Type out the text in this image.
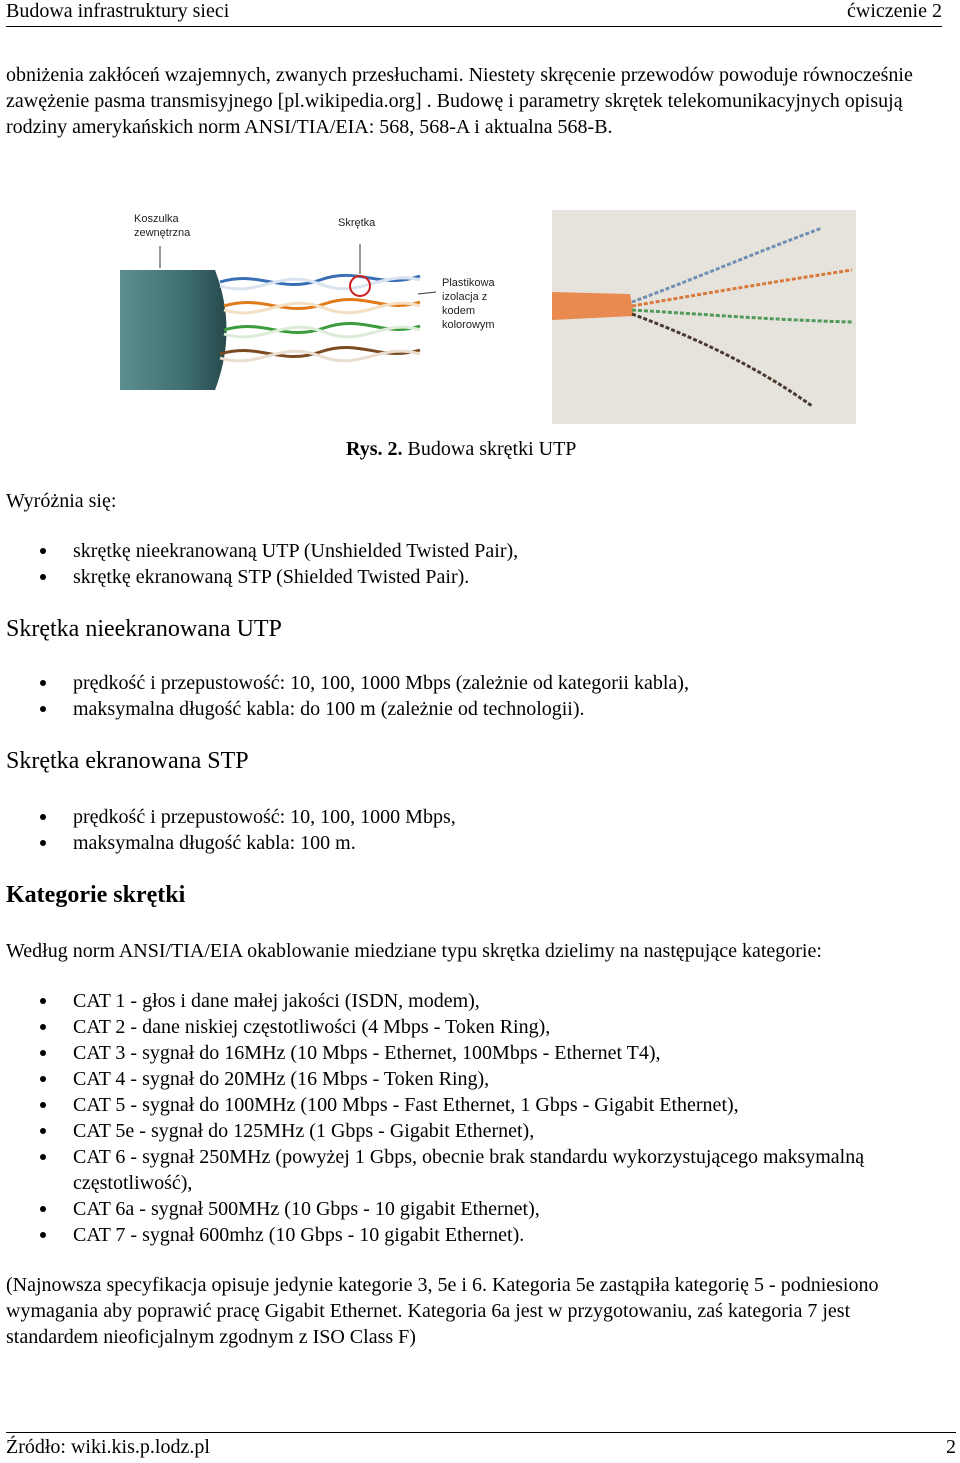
Budowa infrastruktury sieci	ćwiczenie 2

obniżenia zakłóceń wzajemnych, zwanych przesłuchami. Niestety skręcenie przewodów powoduje równocześnie zawężenie pasma transmisyjnego [pl.wikipedia.org] . Budowę i parametry skrętek telekomunikacyjnych opisują rodziny amerykańskich norm ANSI/TIA/EIA: 568, 568-A i aktualna 568-B.

Koszulka
zewnętrzna
Skrętka
Plastikowa
izolacja z
kodem
kolorowym
Rys. 2. Budowa skrętki UTP

Wyróżnia się:

skrętkę nieekranowaną UTP (Unshielded Twisted Pair),
skrętkę ekranowaną STP (Shielded Twisted Pair).
Skrętka nieekranowana UTP
prędkość i przepustowość: 10, 100, 1000 Mbps (zależnie od kategorii kabla),
maksymalna długość kabla: do 100 m (zależnie od technologii).
Skrętka ekranowana STP
prędkość i przepustowość: 10, 100, 1000 Mbps,
maksymalna długość kabla: 100 m.
Kategorie skrętki

Według norm ANSI/TIA/EIA okablowanie miedziane typu skrętka dzielimy na następujące kategorie:

CAT 1 - głos i dane małej jakości (ISDN, modem),
CAT 2 - dane niskiej częstotliwości (4 Mbps - Token Ring),
CAT 3 - sygnał do 16MHz (10 Mbps - Ethernet, 100Mbps - Ethernet T4),
CAT 4 - sygnał do 20MHz (16 Mbps - Token Ring),
CAT 5 - sygnał do 100MHz (100 Mbps - Fast Ethernet, 1 Gbps - Gigabit Ethernet),
CAT 5e - sygnał do 125MHz (1 Gbps - Gigabit Ethernet),
CAT 6 - sygnał 250MHz (powyżej 1 Gbps, obecnie brak standardu wykorzystującego maksymalną częstotliwość),
CAT 6a - sygnał 500MHz (10 Gbps - 10 gigabit Ethernet),
CAT 7 - sygnał 600mhz (10 Gbps - 10 gigabit Ethernet).

(Najnowsza specyfikacja opisuje jedynie kategorie 3, 5e i 6. Kategoria 5e zastąpiła kategorię 5 - podniesiono wymagania aby poprawić pracę Gigabit Ethernet. Kategoria 6a jest w przygotowaniu, zaś kategoria 7 jest standardem nieoficjalnym zgodnym z ISO Class F)

Źródło: wiki.kis.p.lodz.pl	2
